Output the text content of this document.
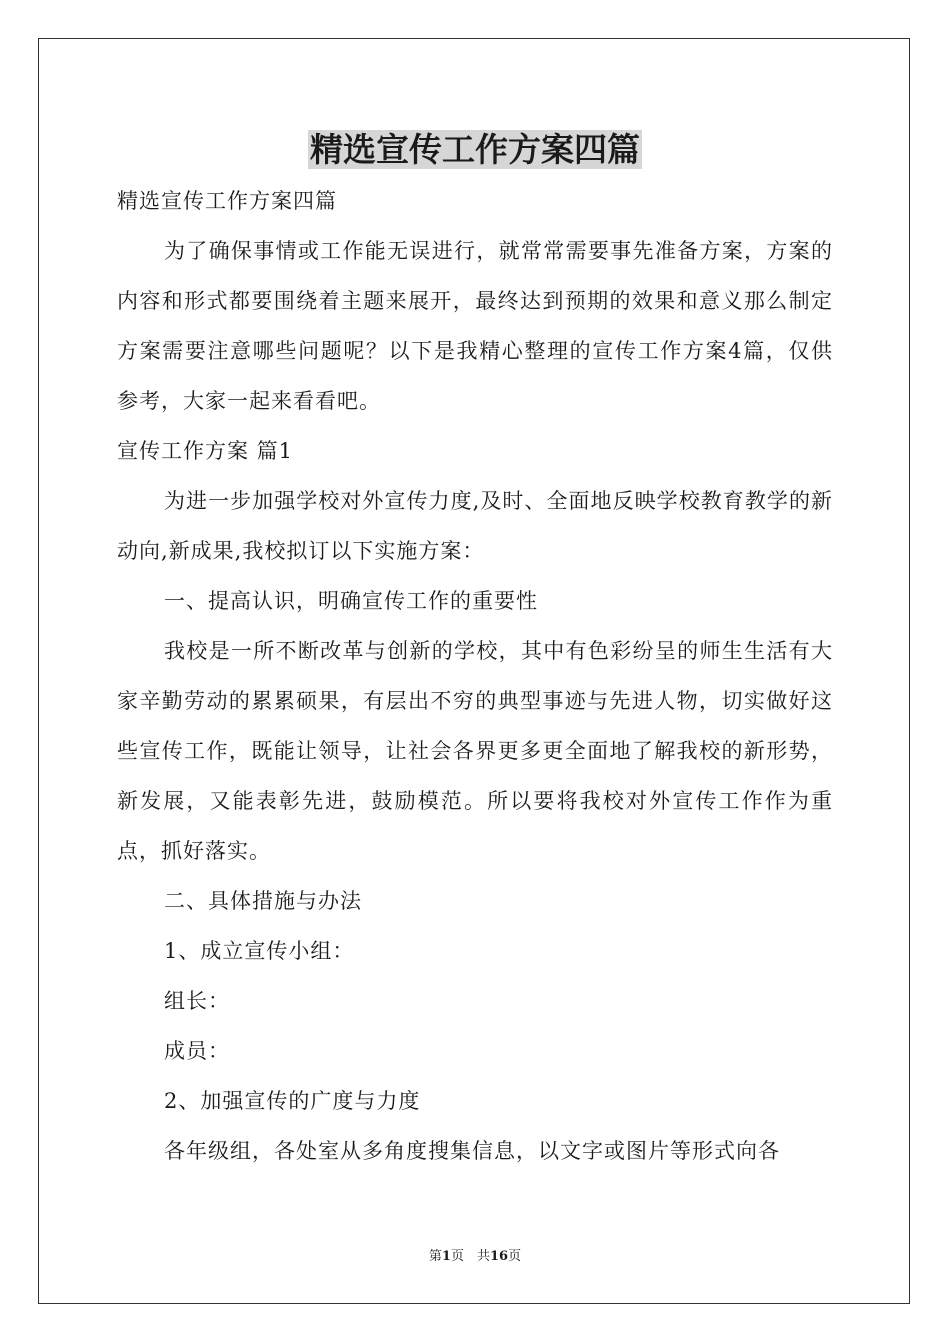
精选宣传工作方案四篇

精选宣传工作方案四篇

为了确保事情或工作能无误进行，就常常需要事先准备方案，方案的内容和形式都要围绕着主题来展开，最终达到预期的效果和意义那么制定方案需要注意哪些问题呢？以下是我精心整理的宣传工作方案4篇，仅供参考，大家一起来看看吧。

宣传工作方案 篇1

为进一步加强学校对外宣传力度,及时、全面地反映学校教育教学的新动向,新成果,我校拟订以下实施方案：

一、提高认识，明确宣传工作的重要性

我校是一所不断改革与创新的学校，其中有色彩纷呈的师生生活有大家辛勤劳动的累累硕果，有层出不穷的典型事迹与先进人物，切实做好这些宣传工作，既能让领导，让社会各界更多更全面地了解我校的新形势，新发展，又能表彰先进，鼓励模范。所以要将我校对外宣传工作作为重点，抓好落实。

二、具体措施与办法

1、成立宣传小组：

组长：

成员：

2、加强宣传的广度与力度

各年级组，各处室从多角度搜集信息，以文字或图片等形式向各

第1页　共16页
